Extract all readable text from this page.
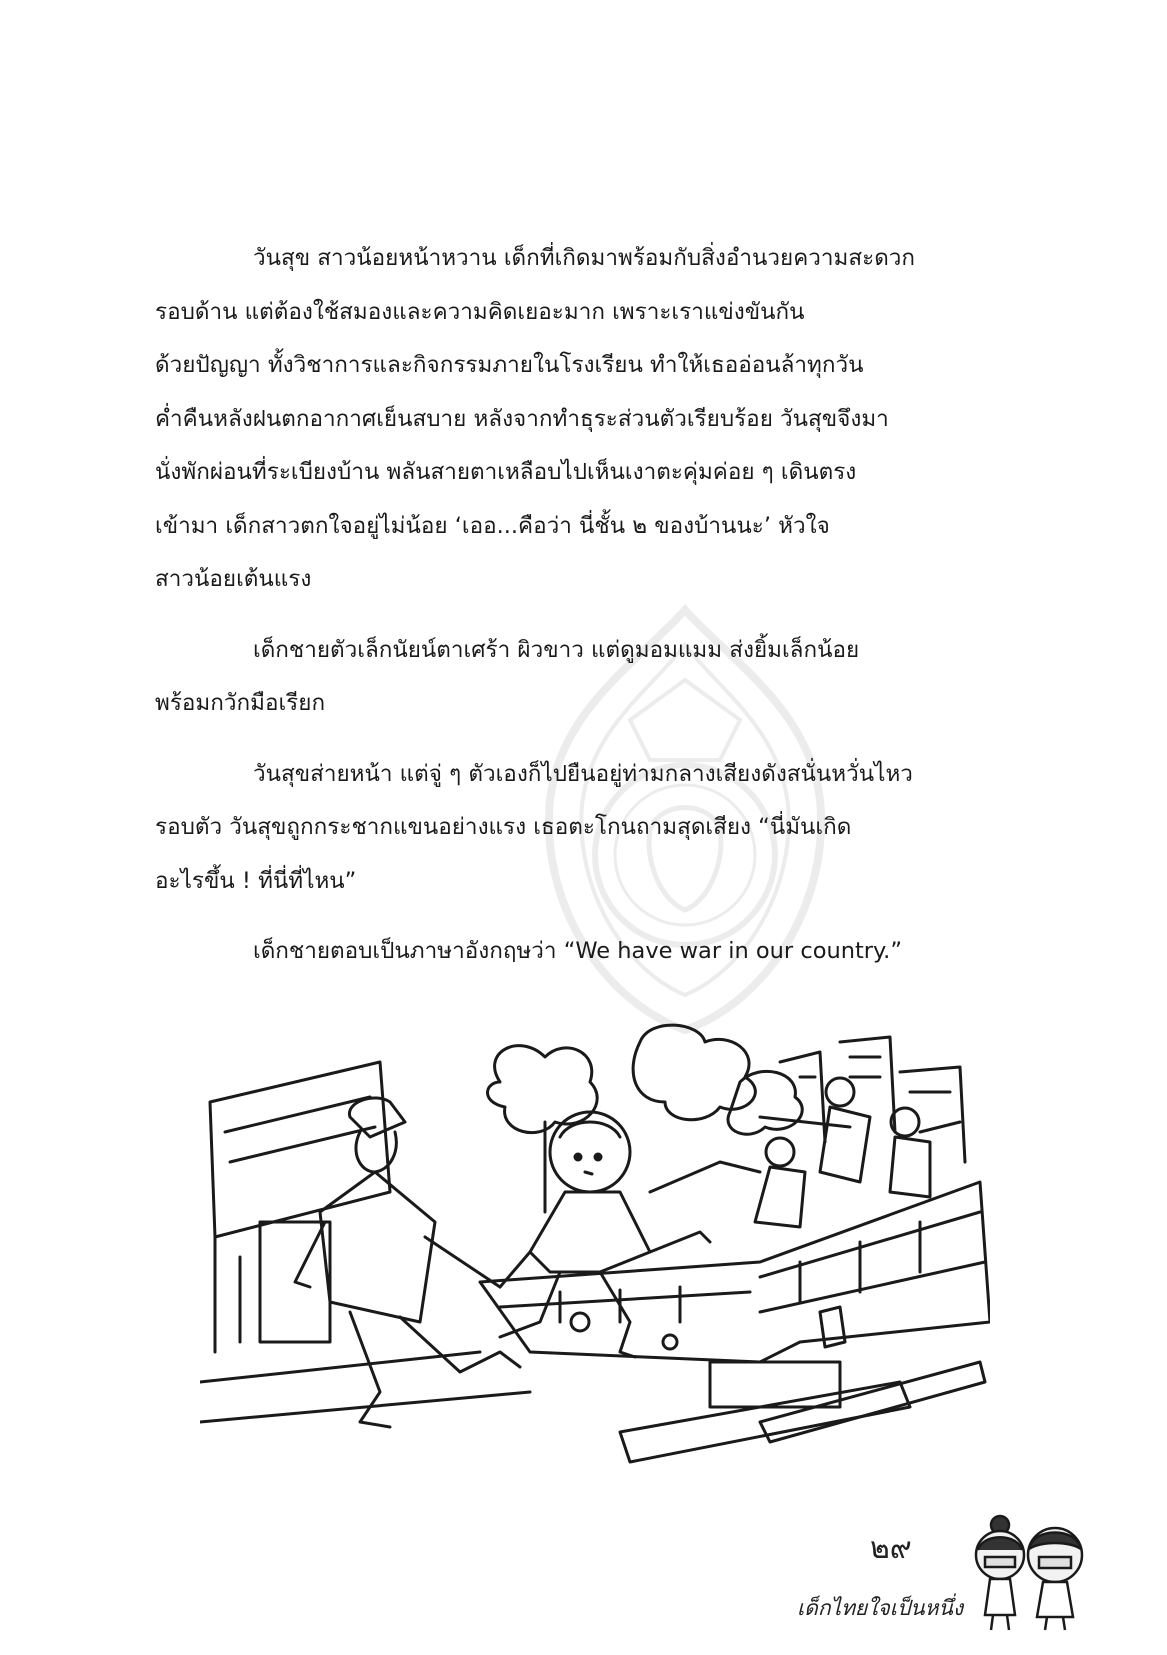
วันสุข สาวน้อยหน้าหวาน เด็กที่เกิดมาพร้อมกับสิ่งอำนวยความสะดวก
รอบด้าน แต่ต้องใช้สมองและความคิดเยอะมาก เพราะเราแข่งขันกัน
ด้วยปัญญา ทั้งวิชาการและกิจกรรมภายในโรงเรียน ทำให้เธออ่อนล้าทุกวัน
ค่ำคืนหลังฝนตกอากาศเย็นสบาย หลังจากทำธุระส่วนตัวเรียบร้อย วันสุขจึงมา
นั่งพักผ่อนที่ระเบียงบ้าน พลันสายตาเหลือบไปเห็นเงาตะคุ่มค่อย ๆ เดินตรง
เข้ามา เด็กสาวตกใจอยู่ไม่น้อย ‘เออ...คือว่า นี่ชั้น ๒ ของบ้านนะ’ หัวใจ
สาวน้อยเต้นแรง
เด็กชายตัวเล็กนัยน์ตาเศร้า ผิวขาว แต่ดูมอมแมม ส่งยิ้มเล็กน้อย
พร้อมกวักมือเรียก
วันสุขส่ายหน้า แต่จู่ ๆ ตัวเองก็ไปยืนอยู่ท่ามกลางเสียงดังสนั่นหวั่นไหว
รอบตัว วันสุขถูกกระชากแขนอย่างแรง เธอตะโกนถามสุดเสียง “นี่มันเกิด
อะไรขึ้น ! ที่นี่ที่ไหน”
เด็กชายตอบเป็นภาษาอังกฤษว่า “We have war in our country.”
๒๙
เด็กไทยใจเป็นหนึ่ง
